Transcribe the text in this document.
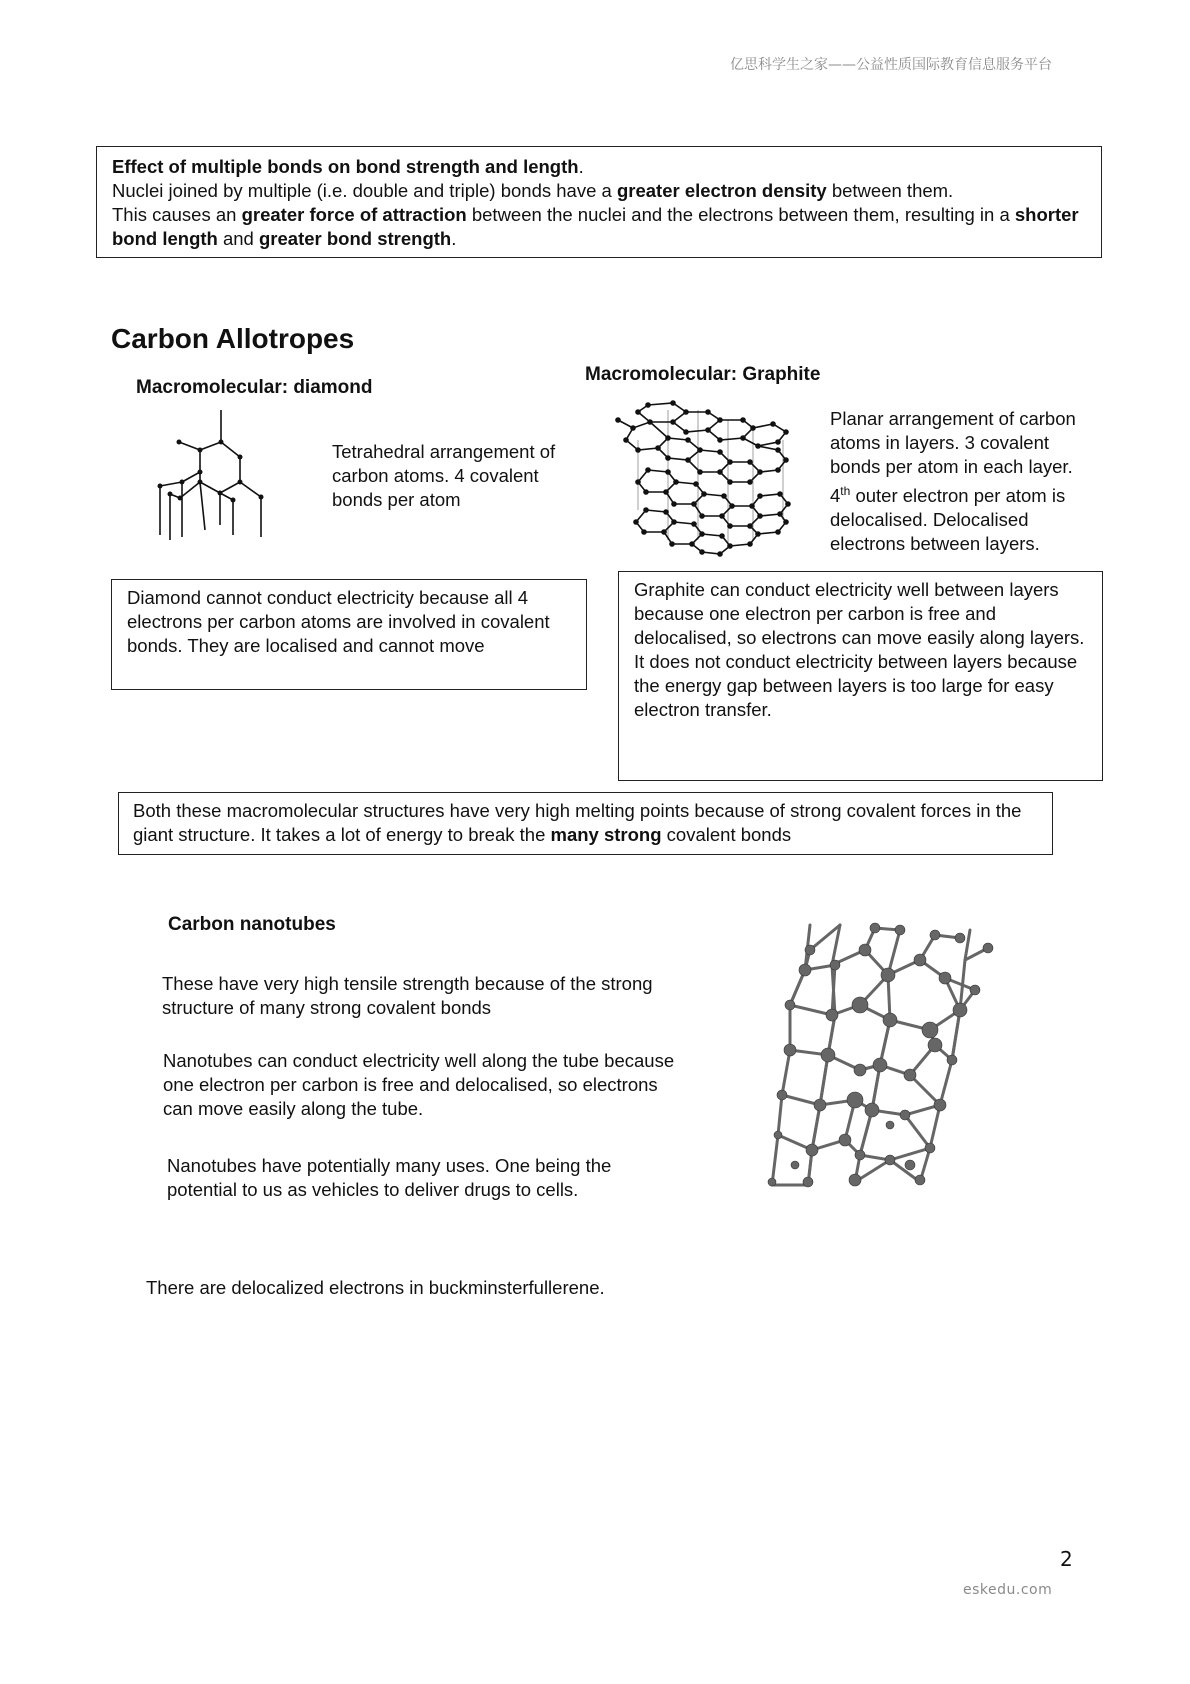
亿思科学生之家——公益性质国际教育信息服务平台
Effect of multiple bonds on bond strength and length.
Nuclei joined by multiple (i.e. double and triple) bonds have a greater electron density between them.
This causes an greater force of attraction between the nuclei and the electrons between them, resulting in a shorter bond length and greater bond strength.
Carbon Allotropes
Macromolecular: diamond
Tetrahedral arrangement of carbon atoms. 4 covalent bonds per atom
Macromolecular: Graphite
Planar arrangement of carbon atoms in layers. 3 covalent bonds per atom in each layer. 4th outer electron per atom is delocalised. Delocalised electrons between layers.
Diamond cannot conduct electricity because all 4 electrons per carbon atoms are involved in covalent bonds. They are localised and cannot move
Graphite can conduct electricity well between layers because one electron per carbon is free and delocalised, so electrons can move easily along layers.
It does not conduct electricity between layers because the energy gap between layers is too large for easy electron transfer.
Both these macromolecular structures have very high melting points because of strong covalent forces in the giant structure. It takes a lot of energy to break the many strong covalent bonds
Carbon nanotubes
These have very high tensile strength because of the strong structure of many strong covalent bonds
Nanotubes can conduct electricity well along the tube because one electron per carbon is free and delocalised, so electrons can move easily along the tube.
Nanotubes have potentially many uses. One being the potential to us as vehicles to deliver drugs to cells.
There are delocalized electrons in buckminsterfullerene.
2
eskedu.com
